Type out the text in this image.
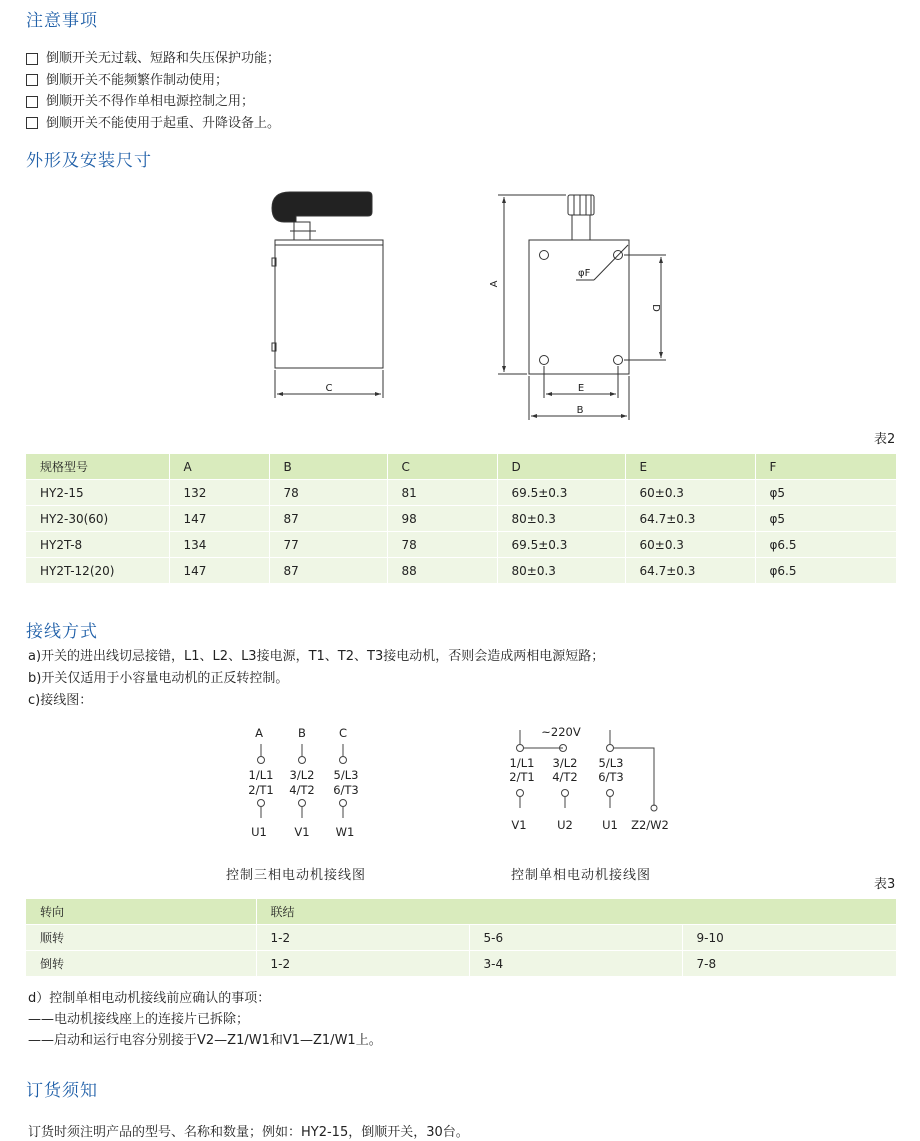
注意事项
倒顺开关无过载、短路和失压保护功能；
倒顺开关不能频繁作制动使用；
倒顺开关不得作单相电源控制之用；
倒顺开关不能使用于起重、升降设备上。
外形及安装尺寸
C
A
D
E
B
φF
表2
规格型号	A	B	C	D	E	F
HY2-15	132	78	81	69.5±0.3	60±0.3	φ5
HY2-30(60)	147	87	98	80±0.3	64.7±0.3	φ5
HY2T-8	134	77	78	69.5±0.3	60±0.3	φ6.5
HY2T-12(20)	147	87	88	80±0.3	64.7±0.3	φ6.5
接线方式

a)开关的进出线切忌接错，L1、L2、L3接电源，T1、T2、T3接电动机，否则会造成两相电源短路；

b)开关仅适用于小容量电动机的正反转控制。

c)接线图：

A	B	C
1/L1 3/L2 5/L3
2/T1 4/T2 6/T3
U1 V1 W1
~220V
1/L1 3/L2 5/L3
2/T1 4/T2 6/T3
V1	U2	U1 Z2/W2
控制三相电动机接线图	控制单相电动机接线图
表3
转向	联结		
顺转	1-2	5-6	9-10
倒转	1-2	3-4	7-8

d）控制单相电动机接线前应确认的事项：

——电动机接线座上的连接片已拆除；

——启动和运行电容分别接于V2—Z1/W1和V1—Z1/W1上。

订货须知

订货时须注明产品的型号、名称和数量；例如：HY2-15，倒顺开关，30台。
